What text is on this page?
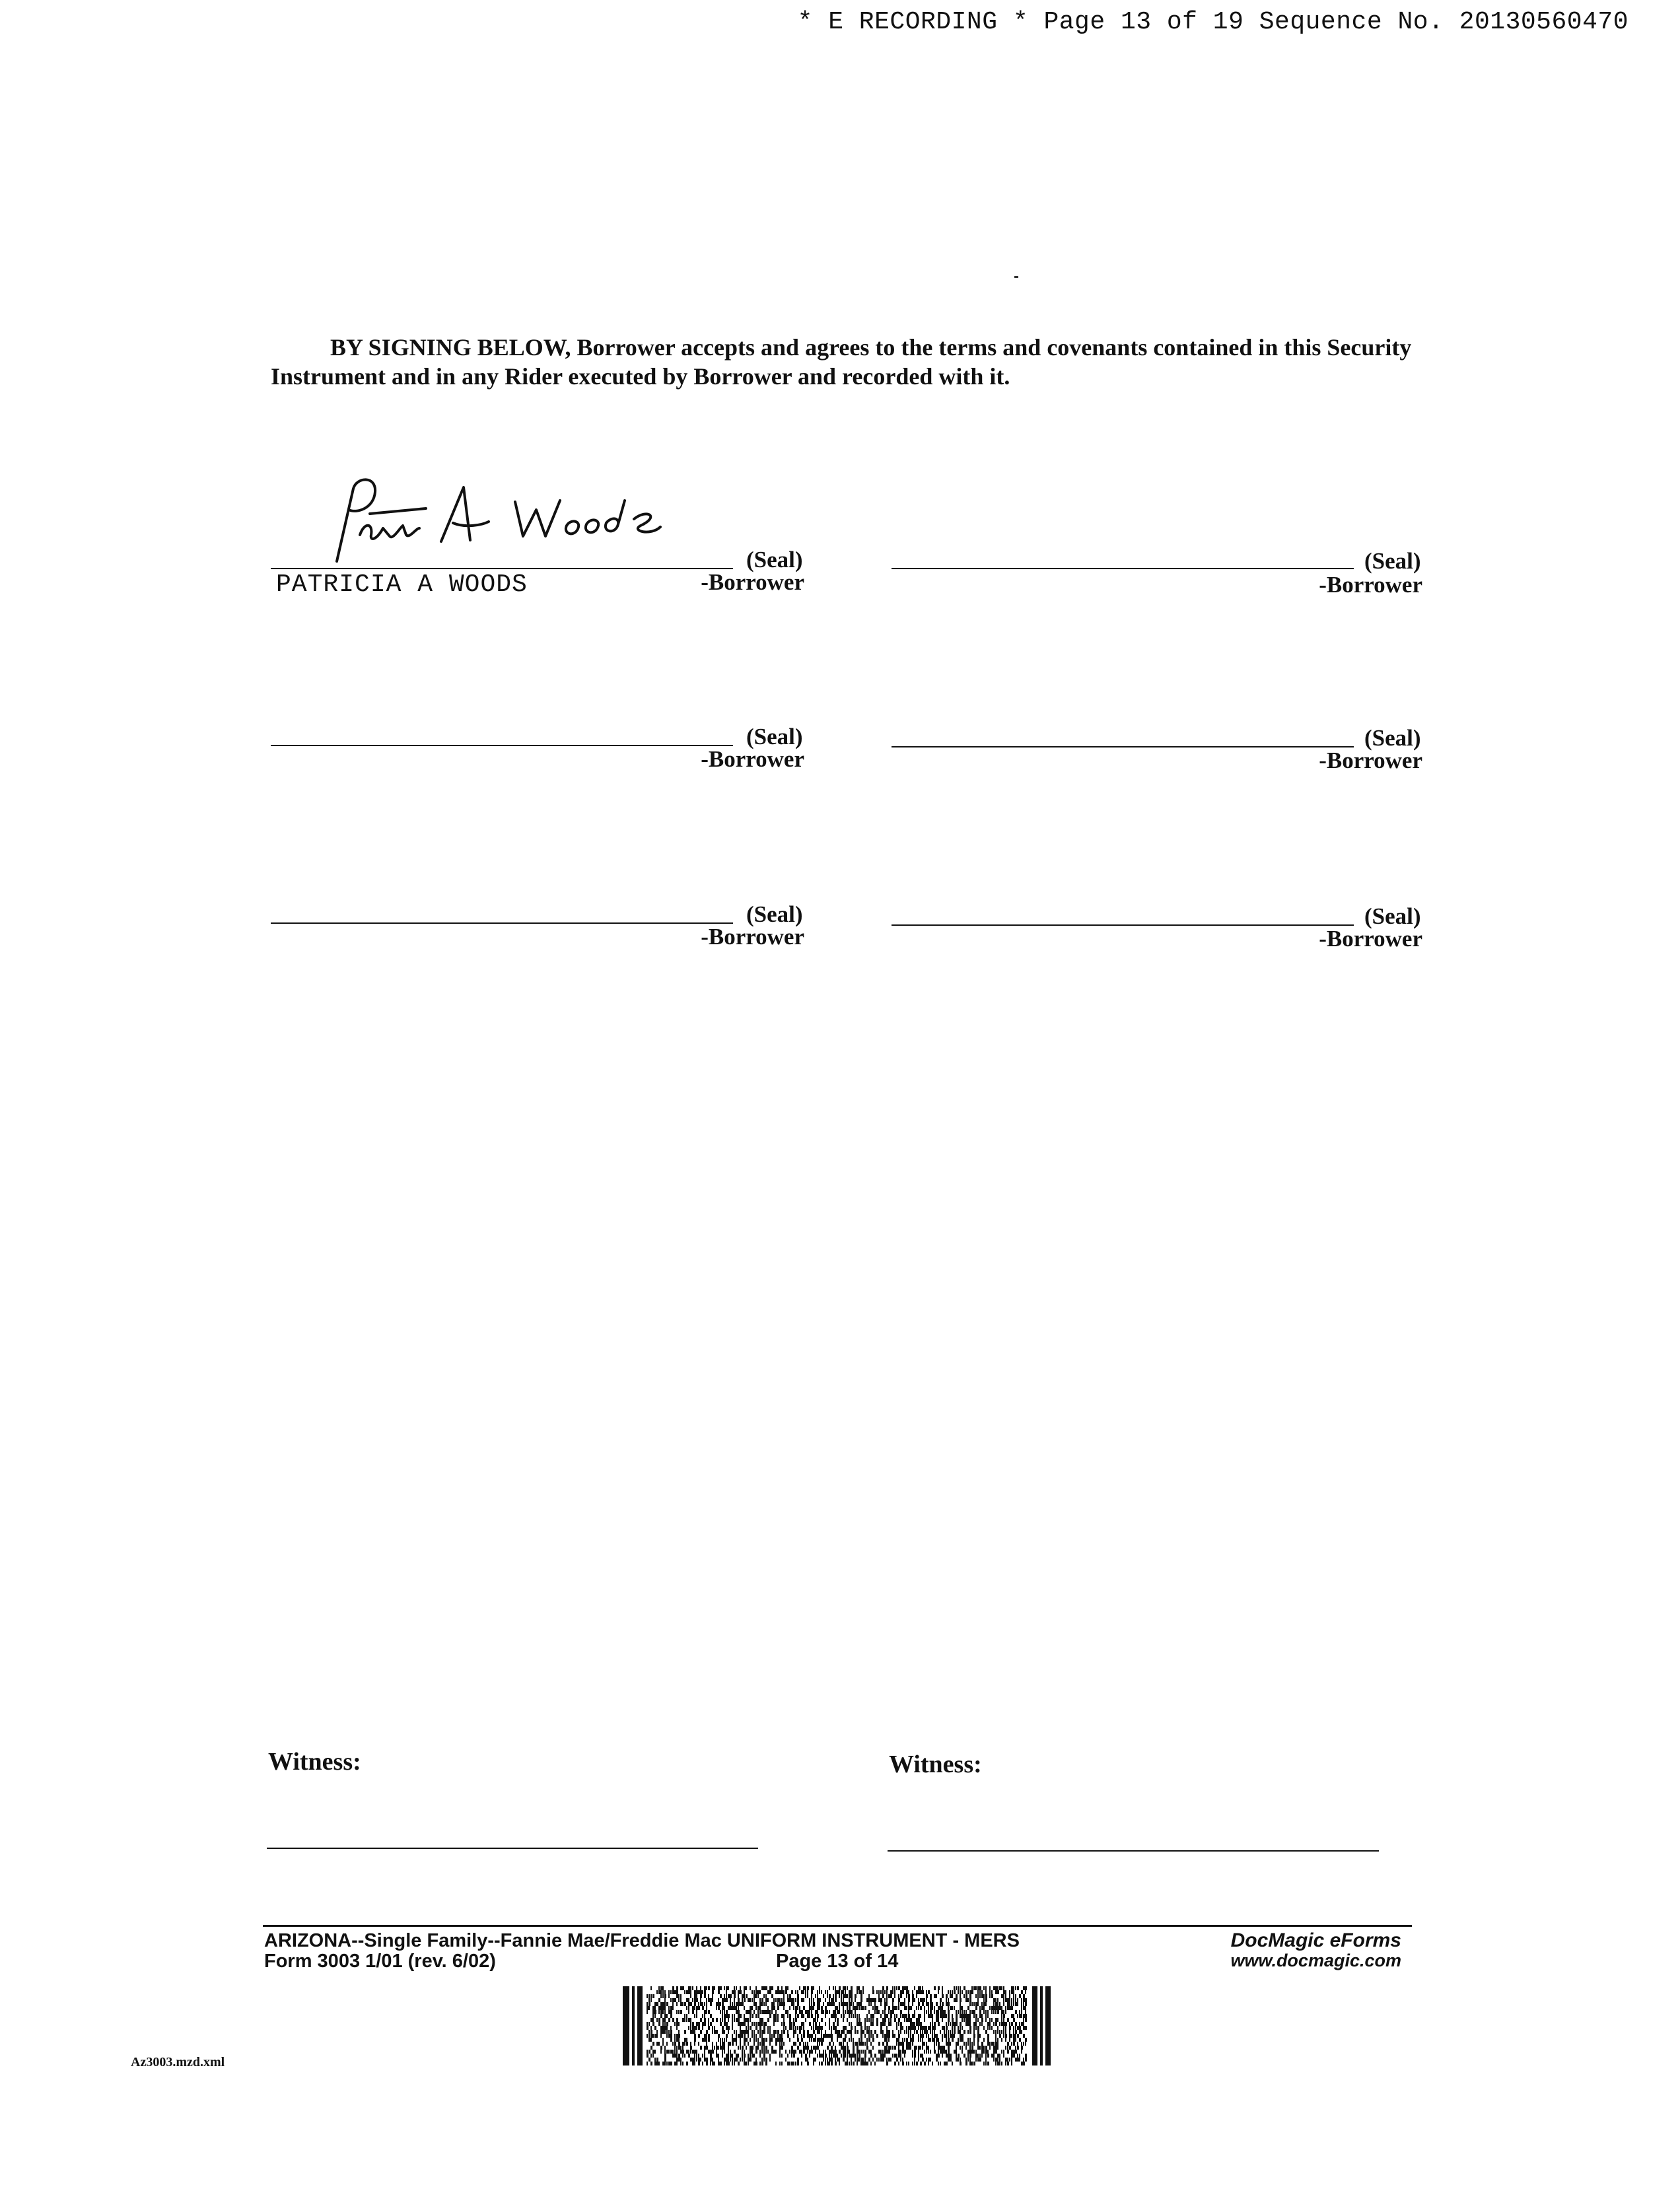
* E RECORDING * Page 13 of 19 Sequence No. 20130560470
BY SIGNING BELOW, Borrower accepts and agrees to the terms and covenants contained in this Security Instrument and in any Rider executed by Borrower and recorded with it.
(Seal)
PATRICIA A WOODS	-Borrower
(Seal)
-Borrower
(Seal)
-Borrower
(Seal)
-Borrower
(Seal)
-Borrower
(Seal)
-Borrower
Witness:	Witness:
ARIZONA--Single Family--Fannie Mae/Freddie Mac UNIFORM INSTRUMENT - MERS
Form 3003 1/01 (rev. 6/02)	Page 13 of 14
DocMagic eForms
www.docmagic.com
Az3003.mzd.xml
